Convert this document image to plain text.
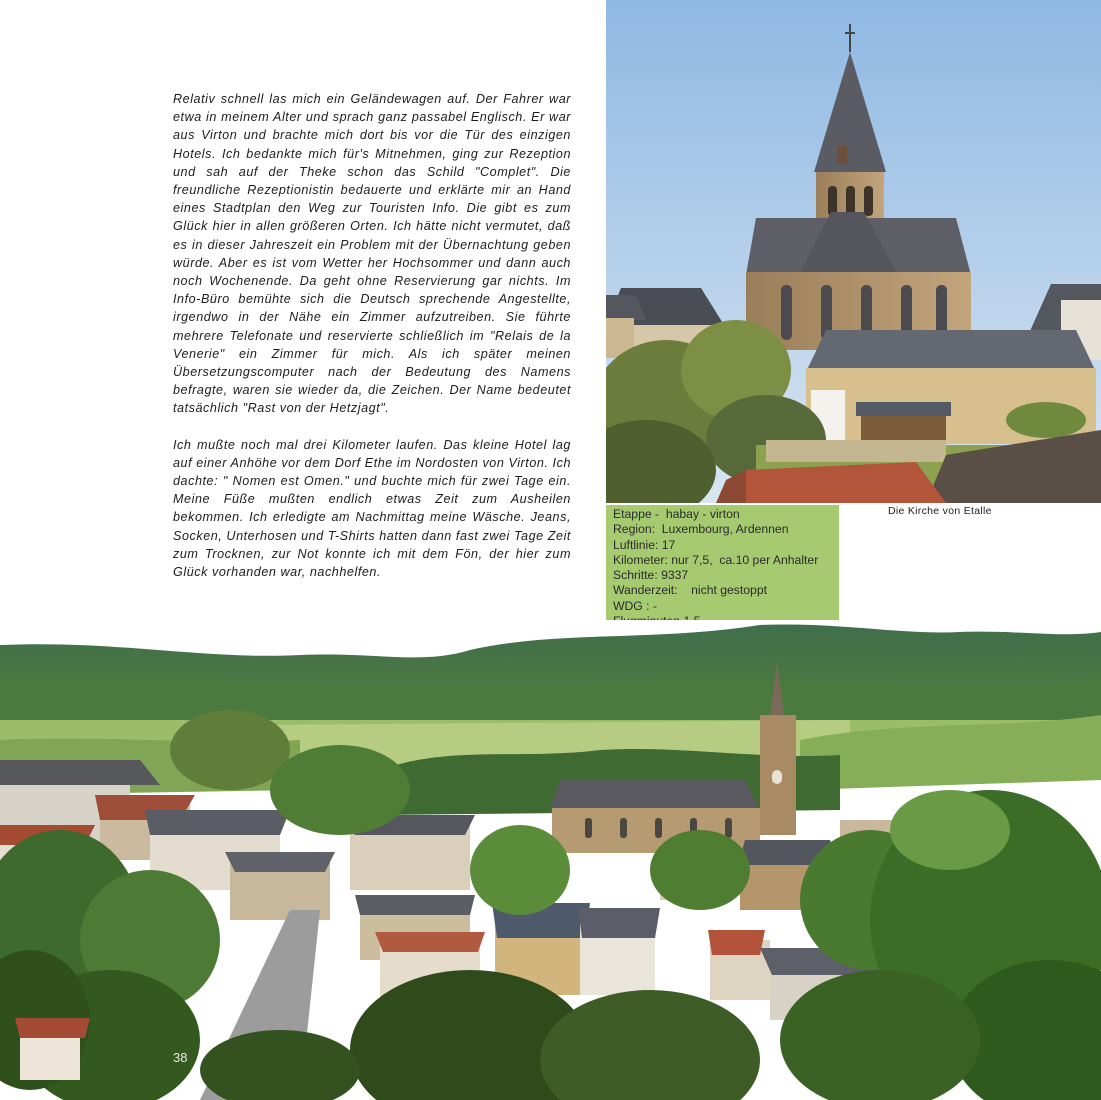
Relativ schnell las mich ein Geländewagen auf. Der Fahrer war etwa in meinem Alter und sprach ganz passabel Englisch. Er war aus Virton und brachte mich dort bis vor die Tür des einzigen Hotels. Ich bedankte mich für's Mitnehmen, ging zur Rezeption und sah auf der Theke schon das Schild "Complet". Die freundliche Rezeptionistin bedauerte und erklärte mir an Hand eines Stadtplan den Weg zur Touristen Info. Die gibt es zum Glück hier in allen größeren Orten. Ich hätte nicht vermutet, daß es in dieser Jahreszeit ein Problem mit der Übernachtung geben würde. Aber es ist vom Wetter her Hochsommer und dann auch noch Wochenende. Da geht ohne Reservierung gar nichts. Im Info-Büro bemühte sich die Deutsch sprechende Angestellte, irgendwo in der Nähe ein Zimmer aufzutreiben. Sie führte mehrere Telefonate und reservierte schließlich im "Relais de la Venerie" ein Zimmer für mich. Als ich später meinen Übersetzungscomputer nach der Bedeutung des Namens befragte, waren sie wieder da, die Zeichen. Der Name bedeutet tatsächlich "Rast von der Hetzjagt".

Ich mußte noch mal drei Kilometer laufen. Das kleine Hotel lag auf einer Anhöhe vor dem Dorf Ethe im Nordosten von Virton. Ich dachte: " Nomen est Omen." und buchte mich für zwei Tage ein. Meine Füße mußten endlich etwas Zeit zum Ausheilen bekommen. Ich erledigte am Nachmittag meine Wäsche. Jeans, Socken, Unterhosen und T-Shirts hatten dann fast zwei Tage Zeit zum Trocknen, zur Not konnte ich mit dem Fön, der hier zum Glück vorhanden war, nachhelfen.

Etappe -  habay - virton
Region:  Luxembourg, Ardennen
Luftlinie: 17
Kilometer: nur 7,5,  ca.10 per Anhalter
Schritte: 9337
Wanderzeit:    nicht gestoppt
WDG : -
Die Kirche von Etalle
38
